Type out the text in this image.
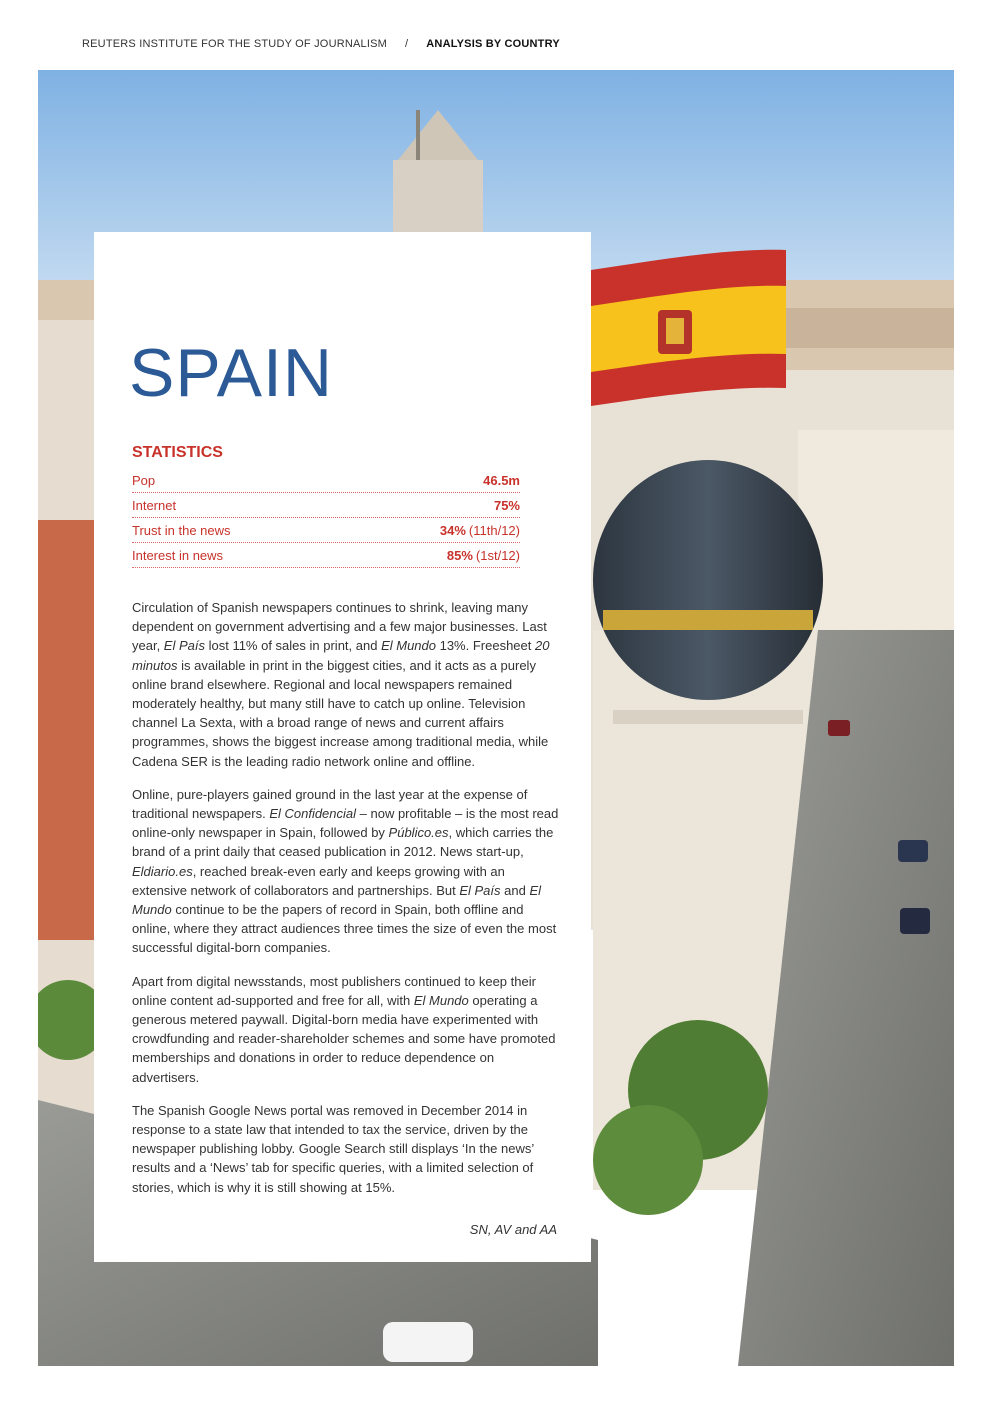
REUTERS INSTITUTE FOR THE STUDY OF JOURNALISM / ANALYSIS BY COUNTRY
SPAIN
STATISTICS
Pop	46.5m
Internet	75%
Trust in the news	34% (11th/12)
Interest in news	85% (1st/12)

Circulation of Spanish newspapers continues to shrink, leaving many dependent on government advertising and a few major businesses. Last year, El País lost 11% of sales in print, and El Mundo 13%. Freesheet 20 minutos is available in print in the biggest cities, and it acts as a purely online brand elsewhere. Regional and local newspapers remained moderately healthy, but many still have to catch up online. Television channel La Sexta, with a broad range of news and current affairs programmes, shows the biggest increase among traditional media, while Cadena SER is the leading radio network online and offline.

Online, pure-players gained ground in the last year at the expense of traditional newspapers. El Confidencial – now profitable – is the most read online-only newspaper in Spain, followed by Público.es, which carries the brand of a print daily that ceased publication in 2012. News start-up, Eldiario.es, reached break-even early and keeps growing with an extensive network of collaborators and partnerships. But El País and El Mundo continue to be the papers of record in Spain, both offline and online, where they attract audiences three times the size of even the most successful digital-born companies.

Apart from digital newsstands, most publishers continued to keep their online content ad-supported and free for all, with El Mundo operating a generous metered paywall. Digital-born media have experimented with crowdfunding and reader-shareholder schemes and some have promoted memberships and donations in order to reduce dependence on advertisers.

The Spanish Google News portal was removed in December 2014 in response to a state law that intended to tax the service, driven by the newspaper publishing lobby. Google Search still displays ‘In the news’ results and a ‘News’ tab for specific queries, with a limited selection of stories, which is why it is still showing at 15%.

SN, AV and AA
